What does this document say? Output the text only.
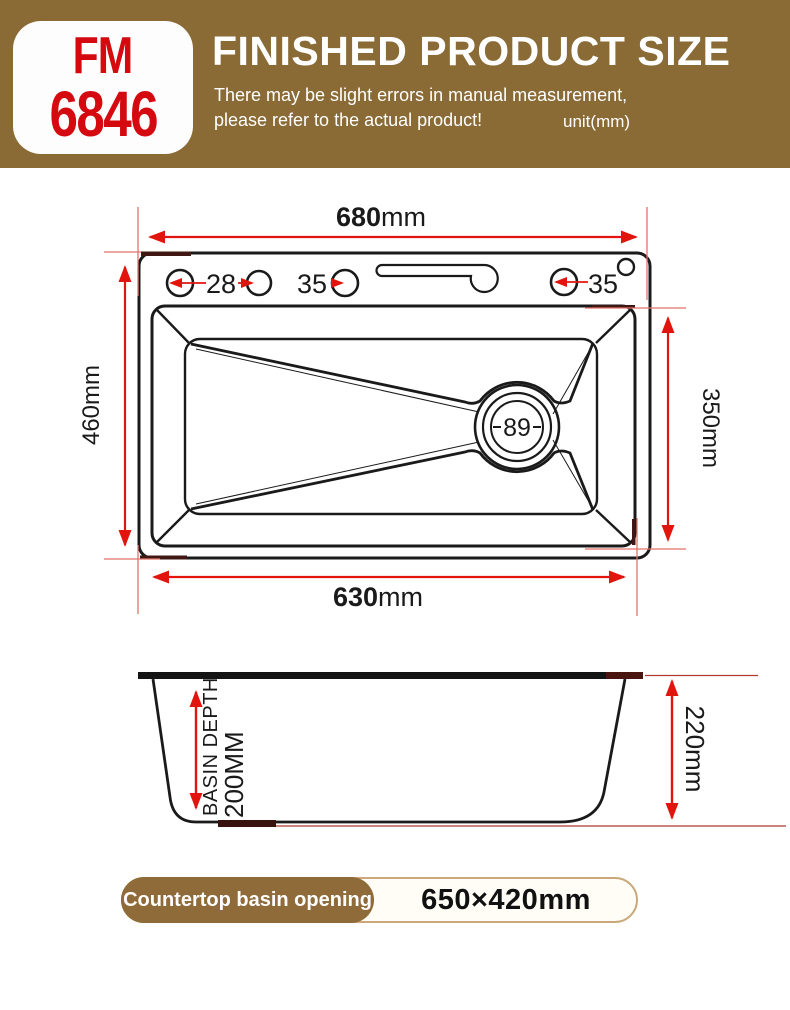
89
28 35	35
680mm
460mm	350mm
630mm
BASIN DEPTH
200MM	220mm
FM
6846
FINISHED PRODUCT SIZE
There may be slight errors in manual measurement,
please refer to the actual product!	unit(mm)
Countertop basin opening	650×420mm
